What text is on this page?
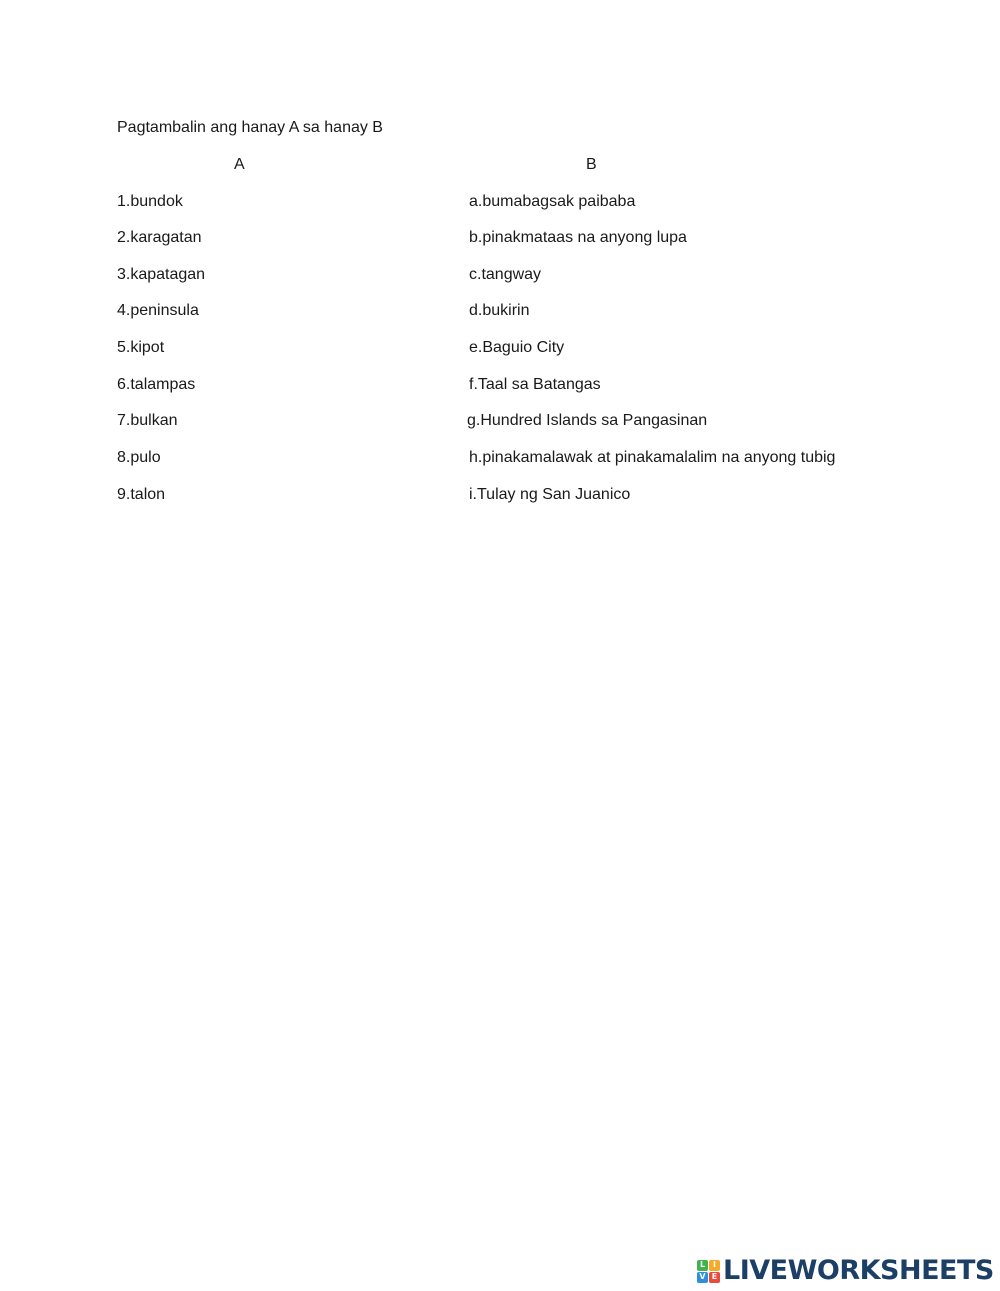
Pagtambalin ang hanay A sa hanay B
A	B
1.bundok
2.karagatan
3.kapatagan
4.peninsula
5.kipot
6.talampas
7.bulkan
8.pulo
9.talon
a.bumabagsak paibaba
b.pinakmataas na anyong lupa
c.tangway
d.bukirin
e.Baguio City
f.Taal sa Batangas
g.Hundred Islands sa Pangasinan
h.pinakamalawak at pinakamalalim na anyong tubig
i.Tulay ng San Juanico
L I
V E LIVEWORKSHEETS
